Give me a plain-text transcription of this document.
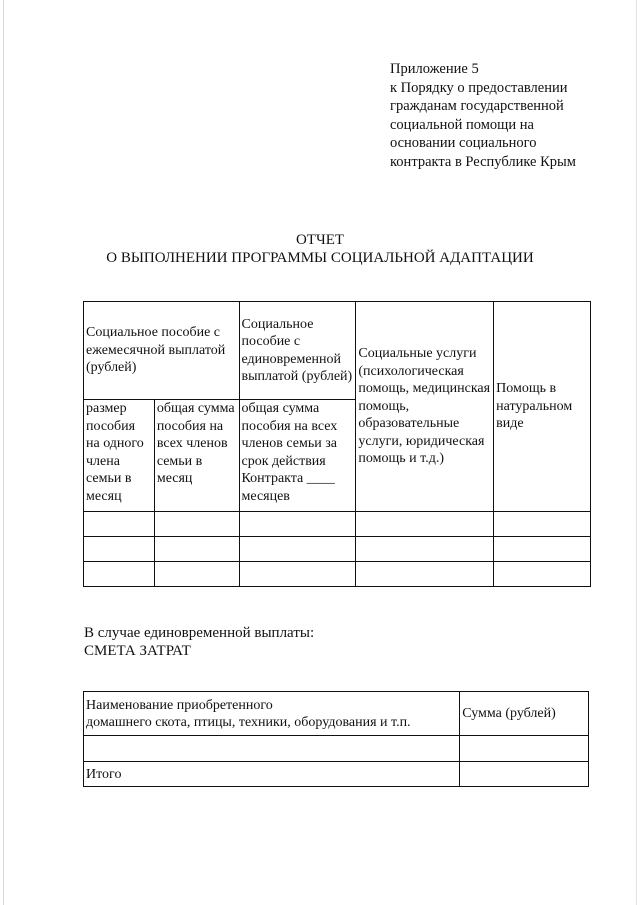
Приложение 5
к Порядку о предоставлении
гражданам государственной
социальной помощи на
основании социального
контракта в Республике Крым
ОТЧЕТ
О ВЫПОЛНЕНИИ ПРОГРАММЫ СОЦИАЛЬНОЙ АДАПТАЦИИ
Социальное пособие с ежемесячной выплатой (рублей)		Социальное пособие с единовременной выплатой (рублей)	Социальные услуги (психологическая помощь, медицинская помощь, образовательные услуги, юридическая помощь и т.д.)	Помощь в натуральном виде
размер пособия на одного члена семьи в месяц	общая сумма пособия на всех членов семьи в месяц	общая сумма пособия на всех членов семьи за срок действия Контракта ____ месяцев		

В случае единовременной выплаты:
СМЕТА ЗАТРАТ
Наименование приобретенного
домашнего скота, птицы, техники, оборудования и т.п.	Сумма (рублей)

Итого	
